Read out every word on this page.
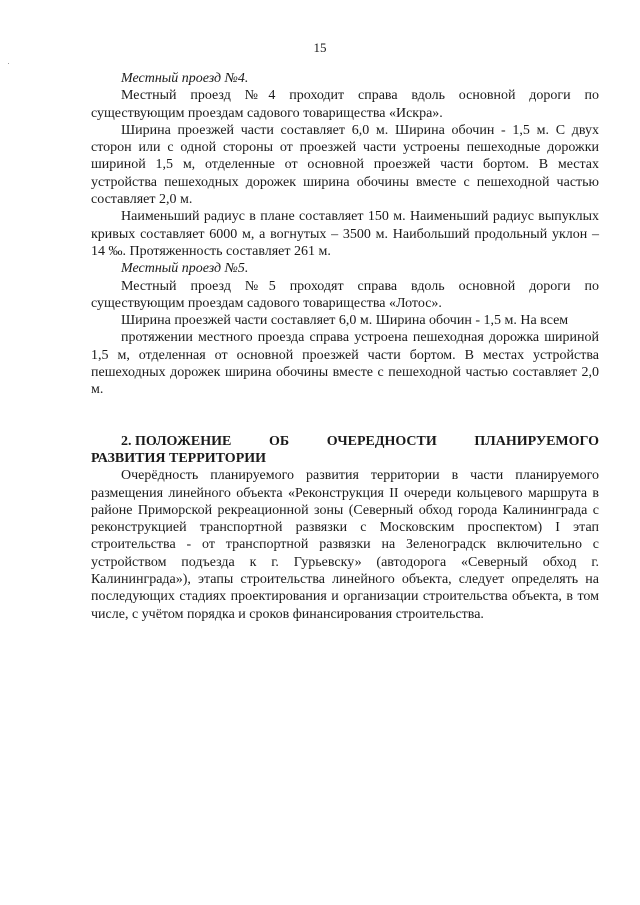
15

Местный проезд №4.

Местный проезд №4 проходит справа вдоль основной дороги по существующим проездам садового товарищества «Искра».

Ширина проезжей части составляет 6,0 м. Ширина обочин - 1,5 м. С двух сторон или с одной стороны от проезжей части устроены пешеходные дорожки шириной 1,5 м, отделенные от основной проезжей части бортом. В местах устройства пешеходных дорожек ширина обочины вместе с пешеходной частью составляет 2,0 м.

Наименьший радиус в плане составляет 150 м. Наименьший радиус выпуклых кривых составляет 6000 м, а вогнутых – 3500 м. Наибольший продольный уклон – 14 ‰. Протяженность составляет 261 м.

Местный проезд №5.

Местный проезд №5 проходят справа вдоль основной дороги по существующим проездам садового товарищества «Лотос».

Ширина проезжей части составляет 6,0 м. Ширина обочин - 1,5 м. На всем

протяжении местного проезда справа устроена пешеходная дорожка шириной 1,5 м, отделенная от основной проезжей части бортом. В местах устройства пешеходных дорожек ширина обочины вместе с пешеходной частью составляет 2,0 м.

2. ПОЛОЖЕНИЕ	ОБ	ОЧЕРЕДНОСТИ	ПЛАНИРУЕМОГО

РАЗВИТИЯ ТЕРРИТОРИИ

Очерёдность планируемого развития территории в части планируемого размещения линейного объекта «Реконструкция II очереди кольцевого маршрута в районе Приморской рекреационной зоны (Северный обход города Калининграда с реконструкцией транспортной развязки с Московским проспектом) I этап строительства - от транспортной развязки на Зеленоградск включительно с устройством подъезда к г. Гурьевску» (автодорога «Северный обход г. Калининграда»), этапы строительства линейного объекта, следует определять на последующих стадиях проектирования и организации строительства объекта, в том числе, с учётом порядка и сроков финансирования строительства.
